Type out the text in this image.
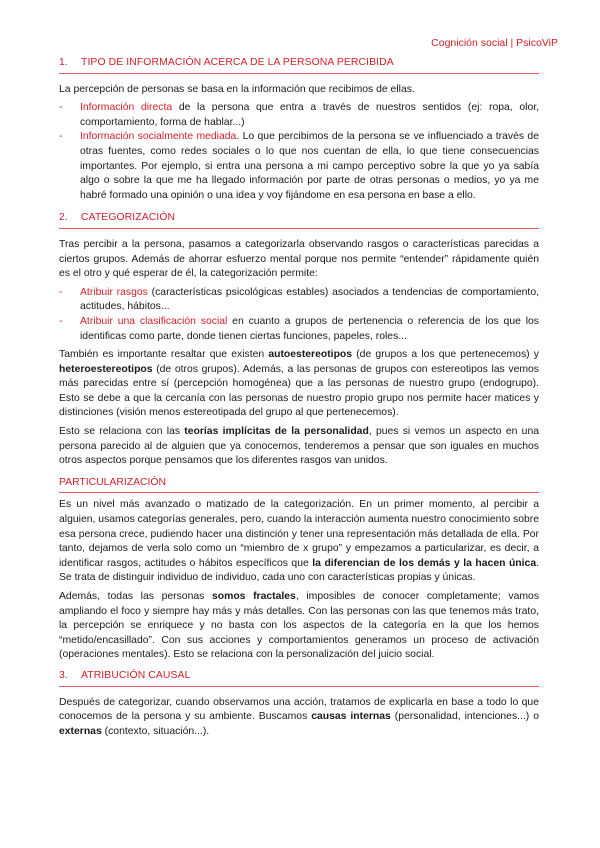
Cognición social | PsicoViP
1. TIPO DE INFORMACIÓN ACERCA DE LA PERSONA PERCIBIDA

La percepción de personas se basa en la información que recibimos de ellas.

- Información directa de la persona que entra a través de nuestros sentidos (ej: ropa, olor, comportamiento, forma de hablar...)
- Información socialmente mediada. Lo que percibimos de la persona se ve influenciado a través de otras fuentes, como redes sociales o lo que nos cuentan de ella, lo que tiene consecuencias importantes. Por ejemplo, si entra una persona a mi campo perceptivo sobre la que yo ya sabía algo o sobre la que me ha llegado información por parte de otras personas o medios, yo ya me habré formado una opinión o una idea y voy fijándome en esa persona en base a ello.
2. CATEGORIZACIÓN

Tras percibir a la persona, pasamos a categorizarla observando rasgos o características parecidas a ciertos grupos. Además de ahorrar esfuerzo mental porque nos permite “entender” rápidamente quién es el otro y qué esperar de él, la categorización permite:

- Atribuir rasgos (características psicológicas estables) asociados a tendencias de comportamiento, actitudes, hábitos...
- Atribuir una clasificación social en cuanto a grupos de pertenencia o referencia de los que los identificas como parte, donde tienen ciertas funciones, papeles, roles...

También es importante resaltar que existen autoestereotipos (de grupos a los que pertenecemos) y heteroestereotipos (de otros grupos). Además, a las personas de grupos con estereotipos las vemos más parecidas entre sí (percepción homogénea) que a las personas de nuestro grupo (endogrupo). Esto se debe a que la cercanía con las personas de nuestro propio grupo nos permite hacer matices y distinciones (visión menos estereotipada del grupo al que pertenecemos).

Esto se relaciona con las teorías implícitas de la personalidad, pues si vemos un aspecto en una persona parecido al de alguien que ya conocemos, tenderemos a pensar que son iguales en muchos otros aspectos porque pensamos que los diferentes rasgos van unidos.

PARTICULARIZACIÓN

Es un nivel más avanzado o matizado de la categorización. En un primer momento, al percibir a alguien, usamos categorías generales, pero, cuando la interacción aumenta nuestro conocimiento sobre esa persona crece, pudiendo hacer una distinción y tener una representación más detallada de ella. Por tanto, dejamos de verla solo como un “miembro de x grupo” y empezamos a particularizar, es decir, a identificar rasgos, actitudes o hábitos específicos que la diferencian de los demás y la hacen única. Se trata de distinguir individuo de individuo, cada uno con características propias y únicas.

Además, todas las personas somos fractales, imposibles de conocer completamente; vamos ampliando el foco y siempre hay más y más detalles. Con las personas con las que tenemos más trato, la percepción se enriquece y no basta con los aspectos de la categoría en la que los hemos “metido/encasillado”. Con sus acciones y comportamientos generamos un proceso de activación (operaciones mentales). Esto se relaciona con la personalización del juicio social.

3. ATRIBUCIÓN CAUSAL

Después de categorizar, cuando observamos una acción, tratamos de explicarla en base a todo lo que conocemos de la persona y su ambiente. Buscamos causas internas (personalidad, intenciones...) o externas (contexto, situación...).
